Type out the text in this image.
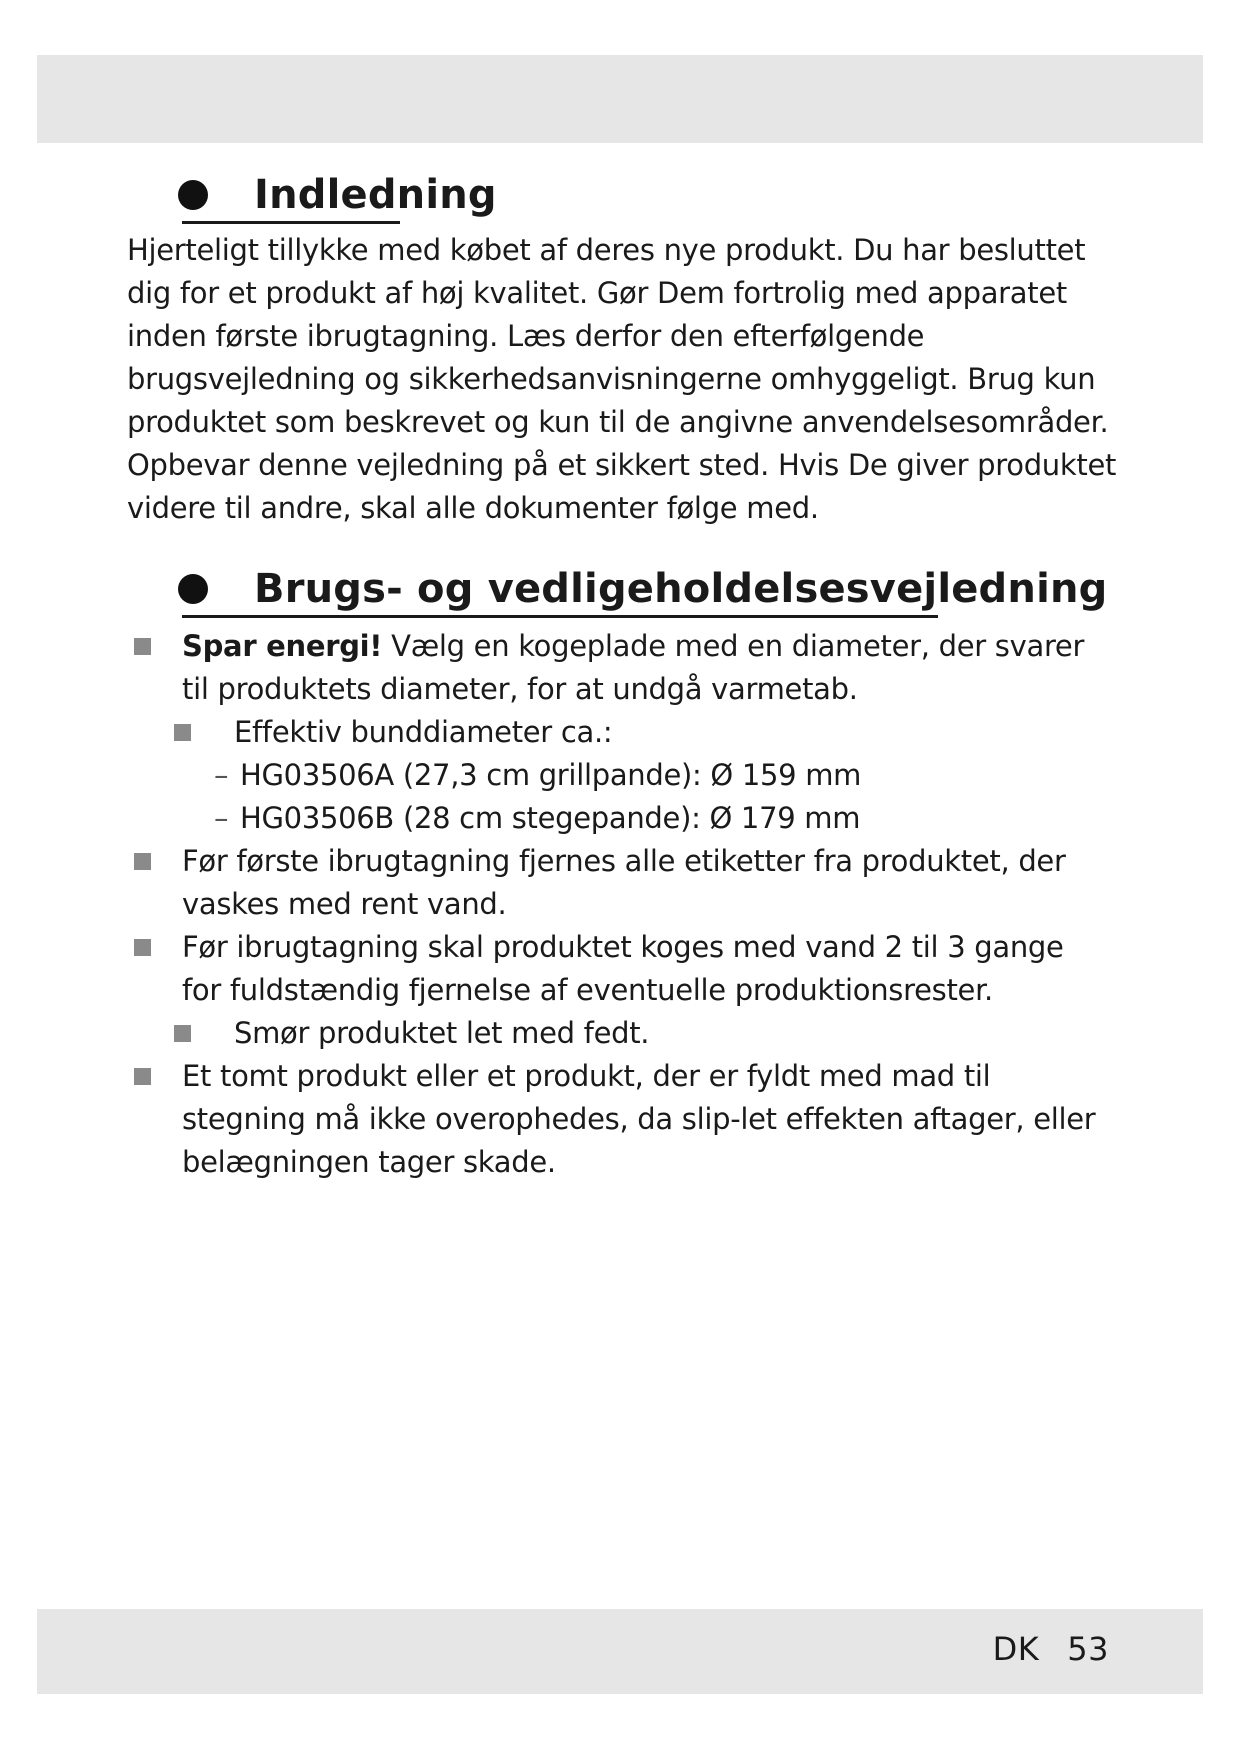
Indledning

Hjerteligt tillykke med købet af deres nye produkt. Du har besluttet dig for et produkt af høj kvalitet. Gør Dem fortrolig med apparatet inden første ibrugtagning. Læs derfor den efterfølgende brugsvejledning og sikkerhedsanvisningerne omhyggeligt. Brug kun produktet som beskrevet og kun til de angivne anvendelsesområder. Opbevar denne vejledning på et sikkert sted. Hvis De giver produktet videre til andre, skal alle dokumenter følge med.

Brugs- og vedligeholdelsesvejledning
Spar energi! Vælg en kogeplade med en diameter, der svarer til produktets diameter, for at undgå varmetab.
Effektiv bunddiameter ca.:
– HG03506A (27,3 cm grillpande): Ø 159 mm
– HG03506B (28 cm stegepande): Ø 179 mm
Før første ibrugtagning fjernes alle etiketter fra produktet, der vaskes med rent vand.
Før ibrugtagning skal produktet koges med vand 2 til 3 gange for fuldstændig fjernelse af eventuelle produktionsrester.
Smør produktet let med fedt.
Et tomt produkt eller et produkt, der er fyldt med mad til stegning må ikke overophedes, da slip-let effekten aftager, eller belægningen tager skade.
DK 53
